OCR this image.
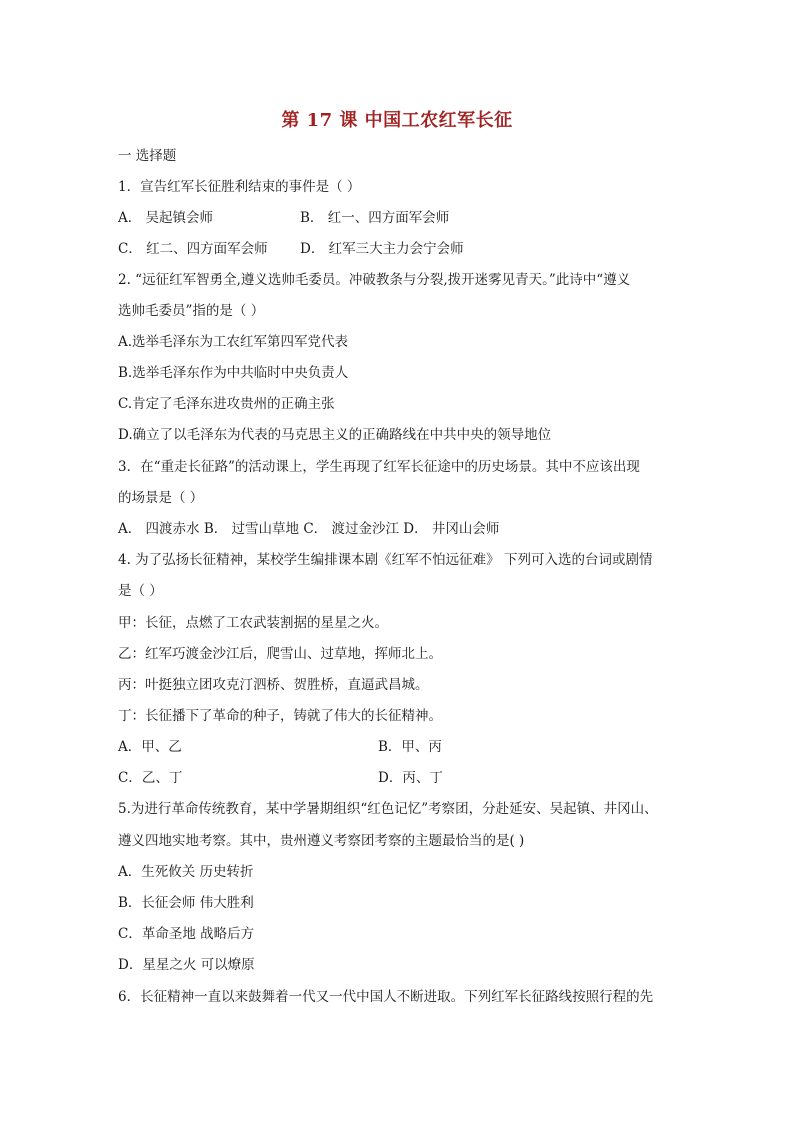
第 17 课 中国工农红军长征
一 选择题
1．宣告红军长征胜利结束的事件是（ ）
A． 吴起镇会师	B． 红一、四方面军会师
C． 红二、四方面军会师 D． 红军三大主力会宁会师
2. “远征红军智勇全,遵义选帅毛委员。冲破教条与分裂,拨开迷雾见青天。”此诗中“遵义
选帅毛委员”指的是（ ）
A.选举毛泽东为工农红军第四军党代表
B.选举毛泽东作为中共临时中央负责人
C.肯定了毛泽东进攻贵州的正确主张
D.确立了以毛泽东为代表的马克思主义的正确路线在中共中央的领导地位
3．在“重走长征路”的活动课上，学生再现了红军长征途中的历史场景。其中不应该出现
的场景是（ ）
A． 四渡赤水 B． 过雪山草地 C． 渡过金沙江 D． 井冈山会师
4. 为了弘扬长征精神，某校学生编排课本剧《红军不怕远征难》 下列可入选的台词或剧情
是（ ）
甲：长征，点燃了工农武装割据的星星之火。
乙：红军巧渡金沙江后，爬雪山、过草地，挥师北上。
丙：叶挺独立团攻克汀泗桥、贺胜桥，直逼武昌城。
丁：长征播下了革命的种子，铸就了伟大的长征精神。
A．甲、乙	B．甲、丙
C．乙、丁	D．丙、丁
5.为进行革命传统教育，某中学暑期组织“红色记忆”考察团，分赴延安、吴起镇、井冈山、
遵义四地实地考察。其中，贵州遵义考察团考察的主题最恰当的是( )
A．生死攸关 历史转折
B．长征会师 伟大胜利
C．革命圣地 战略后方
D．星星之火 可以燎原
6．长征精神一直以来鼓舞着一代又一代中国人不断进取。下列红军长征路线按照行程的先
